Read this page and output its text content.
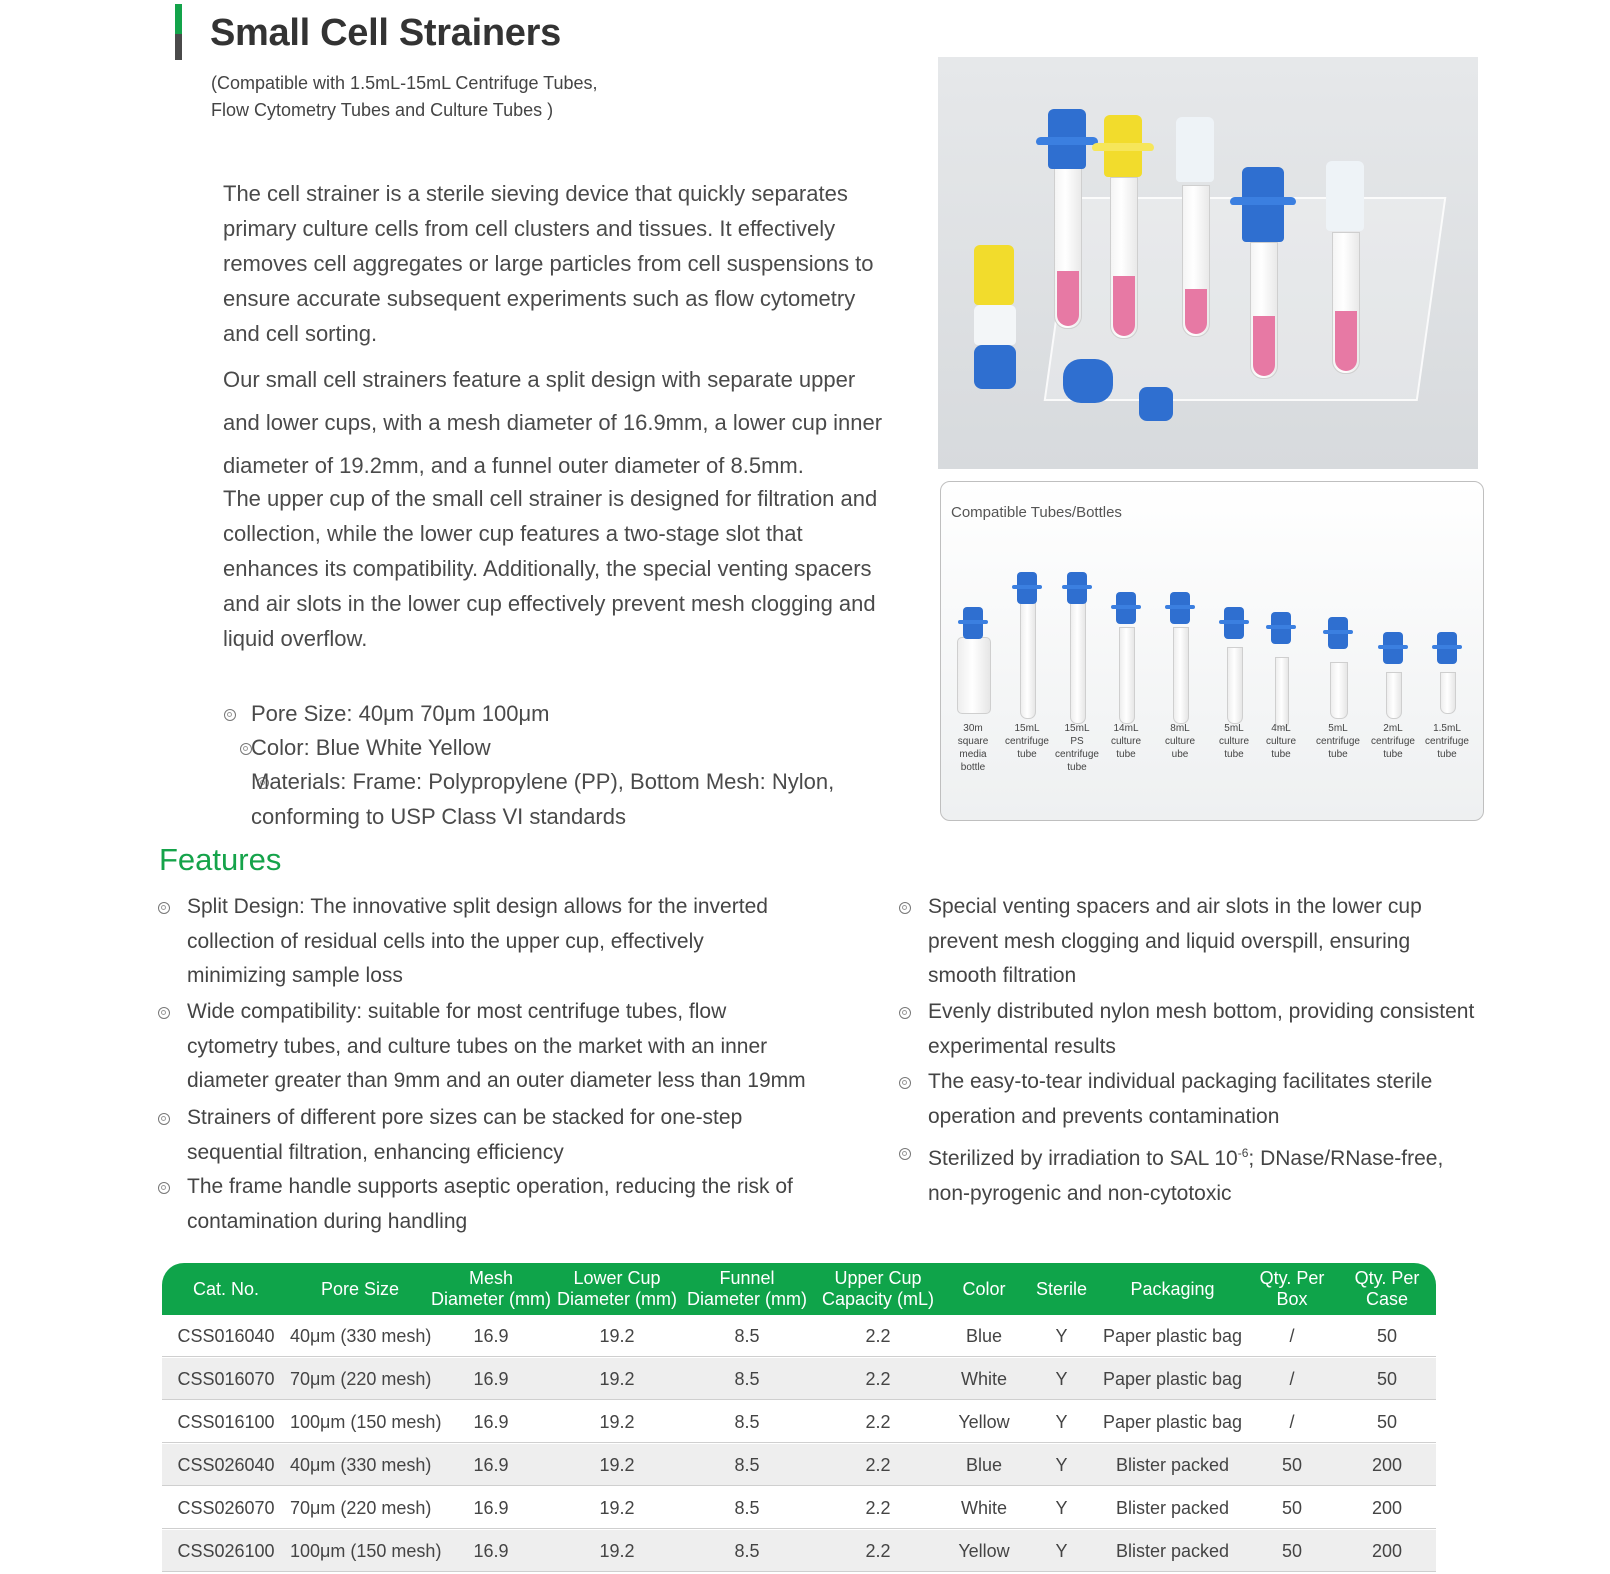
Small Cell Strainers
(Compatible with 1.5mL-15mL Centrifuge Tubes,
Flow Cytometry Tubes and Culture Tubes )
The cell strainer is a sterile sieving device that quickly separates
primary culture cells from cell clusters and tissues. It effectively
removes cell aggregates or large particles from cell suspensions to
ensure accurate subsequent experiments such as flow cytometry
and cell sorting.
Our small cell strainers feature a split design with separate upper
and lower cups, with a mesh diameter of 16.9mm, a lower cup inner
diameter of 19.2mm, and a funnel outer diameter of 8.5mm.
The upper cup of the small cell strainer is designed for filtration and
collection, while the lower cup features a two-stage slot that
enhances its compatibility. Additionally, the special venting spacers
and air slots in the lower cup effectively prevent mesh clogging and
liquid overflow.

Pore Size: 40μm 70μm 100μm

Color: Blue White Yellow
Materials: Frame: Polypropylene (PP), Bottom Mesh: Nylon,
conforming to USP Class VI standards
Compatible Tubes/Bottles
30m
square
media
bottle
15mL
centrifuge
tube
15mL
PS
centrifuge
tube
14mL
culture
tube
8mL
culture
ube
5mL
culture
tube
4mL
culture
tube
5mL
centrifuge
tube
2mL
centrifuge
tube
1.5mL
centrifuge
tube
Features
Split Design: The innovative split design allows for the inverted
collection of residual cells into the upper cup, effectively
minimizing sample loss
Wide compatibility: suitable for most centrifuge tubes, flow
cytometry tubes, and culture tubes on the market with an inner
diameter greater than 9mm and an outer diameter less than 19mm
Strainers of different pore sizes can be stacked for one-step
sequential filtration, enhancing efficiency
The frame handle supports aseptic operation, reducing the risk of
contamination during handling
Special venting spacers and air slots in the lower cup
prevent mesh clogging and liquid overspill, ensuring
smooth filtration
Evenly distributed nylon mesh bottom, providing consistent
experimental results
The easy-to-tear individual packaging facilitates sterile
operation and prevents contamination
Sterilized by irradiation to SAL $10^{-6}$; DNase/RNase-free,
non-pyrogenic and non-cytotoxic
Cat. No.	Pore Size
Mesh
Diameter (mm)
Lower Cup
Diameter (mm)
Funnel
Diameter (mm)
Upper Cup
Capacity (mL)
Color	Sterile	Packaging
Qty. Per
Box
Qty. Per
Case
CSS016040 40μm (330 mesh)	16.9	19.2	8.5	2.2	Blue	Y	Paper plastic bag	/	50
CSS016070 70μm (220 mesh)	16.9	19.2	8.5	2.2	White	Y	Paper plastic bag	/	50
CSS016100 100μm (150 mesh)	16.9	19.2	8.5	2.2	Yellow	Y	Paper plastic bag	/	50
CSS026040 40μm (330 mesh)	16.9	19.2	8.5	2.2	Blue	Y	Blister packed	50	200
CSS026070 70μm (220 mesh)	16.9	19.2	8.5	2.2	White	Y	Blister packed	50	200
CSS026100 100μm (150 mesh)	16.9	19.2	8.5	2.2	Yellow	Y	Blister packed	50	200
